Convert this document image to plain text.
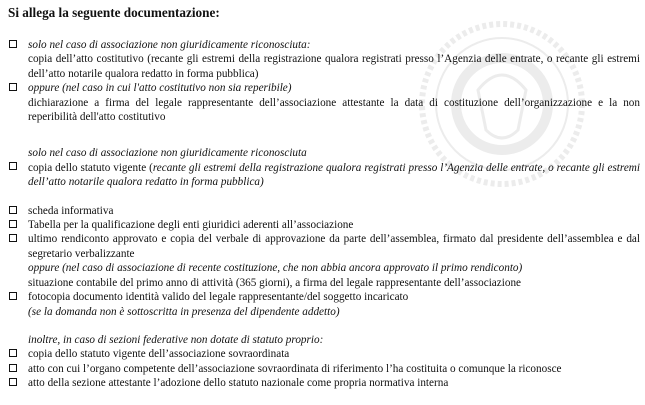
Si allega la seguente documentazione:
solo nel caso di associazione non giuridicamente riconosciuta:
copia dell’atto costitutivo (recante gli estremi della registrazione qualora registrati presso l’Agenzia delle entrate, o recante gli estremi dell’atto notarile qualora redatto in forma pubblica)
oppure (nel caso in cui l'atto costitutivo non sia reperibile)
dichiarazione a firma del legale rappresentante dell’associazione attestante la data di costituzione dell’organizzazione e la non reperibilità dell'atto costitutivo
solo nel caso di associazione non giuridicamente riconosciuta
copia dello statuto vigente (recante gli estremi della registrazione qualora registrati presso l’Agenzia delle entrate, o recante gli estremi dell’atto notarile qualora redatto in forma pubblica)
scheda informativa
Tabella per la qualificazione degli enti giuridici aderenti all’associazione
ultimo rendiconto approvato e copia del verbale di approvazione da parte dell’assemblea, firmato dal presidente dell’assemblea e dal segretario verbalizzante
oppure (nel caso di associazione di recente costituzione, che non abbia ancora approvato il primo rendiconto)
situazione contabile del primo anno di attività (365 giorni), a firma del legale rappresentante dell’associazione
fotocopia documento identità valido del legale rappresentante/del soggetto incaricato
(se la domanda non è sottoscritta in presenza del dipendente addetto)
inoltre, in caso di sezioni federative non dotate di statuto proprio:
copia dello statuto vigente dell’associazione sovraordinata
atto con cui l’organo competente dell’associazione sovraordinata di riferimento l’ha costituita o comunque la riconosce
atto della sezione attestante l’adozione dello statuto nazionale come propria normativa interna
